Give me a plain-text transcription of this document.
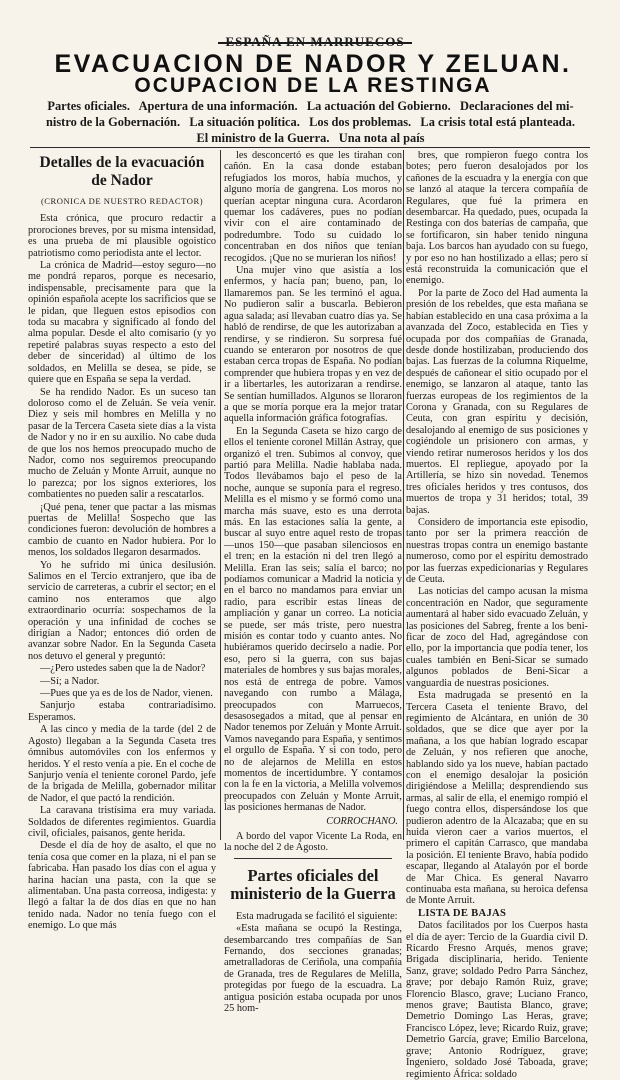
ESPAÑA EN MARRUECOS
EVACUACION DE NADOR Y ZELUAN.
OCUPACION DE LA RESTINGA
Partes oficiales.   Apertura de una información.   La actuación del Gobierno.   Declaraciones del mi-
nistro de la Gobernación.   La situación política.   Los dos problemas.   La crisis total está planteada.
El ministro de la Guerra.   Una nota al país
Detalles de la evacuación de Nador
(CRONICA DE NUESTRO REDACTOR)

Esta crónica, que procuro redactir a prorociones breves, por su misma intensidad, es una prueba de mi plausible ogoistico patriotismo como periodista ante el lector.

La crónica de Madrid—estoy seguro—no me pondrá reparos, porque es necesario, indispensable, precisamente para que la opinión española acepte los sacrificios que se le pidan, que lleguen estos episodios con toda su macabra y significado al fondo del alma popular. Desde el alto comisario (y yo repetiré palabras suyas respecto a esto del deber de sinceridad) al último de los soldados, en Melilla se desea, se pide, se quiere que en España se sepa la verdad.

Se ha rendido Nador. Es un suceso tan doloroso como el de Zeluán. Se veía venir. Diez y seis mil hombres en Melilla y no pasar de la Tercera Caseta siete días a la vista de Nador y no ir en su auxilio. No cabe duda de que los nos hemos preocupado mucho de Nador, como nos seguiremos preocupando mucho de Zeluán y Monte Arruit, aunque no lo parezca; por los signos exteriores, los combatientes no pueden salir a rescatarlos.

¡Qué pena, tener que pactar a las mismas puertas de Melilla! Sospecho que las condiciones fueron: devolución de hombres a cambio de cuanto en Nador hubiera. Por lo menos, los soldados llegaron desarmados.

Yo he sufrido mi única desilusión. Salimos en el Tercio extranjero, que iba de servicio de carreteras, a cubrir el sector; en el camino nos enteramos que algo extraordinario ocurría: sospechamos de la operación y una infinidad de coches se dirigían a Nador; entonces dió orden de avanzar sobre Nador. En la Segunda Caseta nos detuvo el general y preguntó:

—¿Pero ustedes saben que la de Nador?

—Sí; a Nador.

—Pues que ya es de los de Nador, vienen.

Sanjurjo estaba contrariadísimo. Esperamos.

A las cinco y media de la tarde (del 2 de Agosto) llegaban a la Segunda Caseta tres ómnibus automóviles con los enfermos y heridos. Y el resto venía a pie. En el coche de Sanjurjo venía el teniente coronel Pardo, jefe de la brigada de Melilla, gobernador militar de Nador, el que pactó la rendición.

La caravana tristísima era muy variada. Soldados de diferentes regimientos. Guardia civil, oficiales, paisanos, gente herida.

Desde el día de hoy de asalto, el que no tenía cosa que comer en la plaza, ni el pan se fabricaba. Han pasado los días con el agua y harina hacían una pasta, con la que se alimentaban. Una pasta correosa, indigesta: y llegó a faltar la de dos días en que no han tenido nada. Nador no tenía fuego con el enemigo. Lo que más

les desconcertó es que les tirahan con cañón. En la casa donde estaban refugiados los moros, había muchos, y alguno moría de gangrena. Los moros no querían aceptar ninguna cura. Acordaron quemar los cadáveres, pues no podían vivir con el aire contaminado de podredumbre. Todo su cuidado lo concentraban en dos niños que tenían recogidos. ¡Que no se murieran los niños!

Una mujer vino que asistía a los enfermos, y hacía pan; bueno, pan, lo llamaremos pan. Se les terminó el agua. No pudieron salir a buscarla. Bebieron agua salada; así llevaban cuatro días ya. Se habló de rendirse, de que les autorizaban a rendirse, y se rindieron. Su sorpresa fué cuando se enteraron por nosotros de que estaban cerca tropas de España. No podían comprender que hubiera tropas y en vez de ir a libertarles, les autorizaran a rendirse. Se sentían humillados. Algunos se lloraron a que se moría porque era la mejor tratar aquella información gráfica fotografías.

En la Segunda Caseta se hizo cargo de ellos el teniente coronel Millán Astray, que organizó el tren. Subimos al convoy, que partió para Melilla. Nadie hablaba nada. Todos llevábamos bajo el peso de la noche, aunque se suponía para el regreso. Melilla es el mismo y se formó como una marcha más suave, esto es una derrota más. En las estaciones salía la gente, a buscar al suyo entre aquel resto de tropas—unos 150—que pasaban silenciosos en el tren; en la estación ni del tren llegó a Melilla. Eran las seis; salía el barco; no podíamos comunicar a Madrid la noticia y en el barco no mandamos para enviar un radio, para escribir estas líneas de ampliación y ganar un correo. La noticia se puede, ser más triste, pero nuestra misión es contar todo y cuanto antes. No hubiéramos querido decirselo a nadie. Por eso, pero si la guerra, con sus bajas materiales de hombres y sus bajas morales, nos está de entrega de pobre. Vamos navegando con rumbo a Málaga, preocupados con Marruecos, desasosegados a mitad, que al pensar en Nador tenemos por Zeluán y Monte Arruit. Vamos navegando para España, y sentimos el orgullo de España. Y si con todo, pero no de alejarnos de Melilla en estos momentos de incertidumbre. Y contamos con la fe en la victoria, a Melilla volvemos preocupados con Zeluán y Monte Arruit, las posiciones hermanas de Nador.

CORROCHANO.

A bordo del vapor Vicente La Roda, en la noche del 2 de Agosto.

Partes oficiales del ministerio de la Guerra

Esta madrugada se facilitó el siguiente:

«Esta mañana se ocupó la Restinga, desembarcando tres compañías de San Fernando, dos secciones granadas; ametralladoras de Ceriñola, una compañía de Granada, tres de Regulares de Melilla, protegidas por fuego de la escuadra. La antigua posición estaba ocupada por unos 25 hom-

bres, que rompieron fuego contra los botes; pero fueron desalojados por los cañones de la escuadra y la energía con que se lanzó al ataque la tercera compañía de Regulares, que fué la primera en desembarcar. Ha quedado, pues, ocupada la Restinga con dos baterías de campaña, que se fortificaron, sin haber tenido ninguna baja. Los barcos han ayudado con su fuego, y por eso no han hostilizado a ellas; pero sí está reconstruida la comunicación que el enemigo.

Por la parte de Zoco del Had aumenta la presión de los rebeldes, que esta mañana se habían establecido en una casa próxima a la avanzada del Zoco, establecida en Ties y ocupada por dos compañías de Granada, desde donde hostilizaban, produciendo dos bajas. Las fuerzas de la columna Riquelme, después de cañonear el sitio ocupado por el enemigo, se lanzaron al ataque, tanto las fuerzas europeas de los regimientos de la Corona y Granada, con su Regulares de Ceuta, con gran espíritu y decisión, desalojando al enemigo de sus posiciones y cogiéndole un prisionero con armas, y viendo retirar numerosos heridos y los dos muertos. El repliegue, apoyado por la Artillería, se hizo sin novedad. Tenemos tres oficiales heridos y tres contusos, dos muertos de tropa y 31 heridos; total, 39 bajas.

Considero de importancia este episodio, tanto por ser la primera reacción de nuestras tropas contra un enemigo bastante numeroso, como por el espíritu demostrado por las fuerzas expedicionarias y Regulares de Ceuta.

Las noticias del campo acusan la misma concentración en Nador, que seguramente aumentará al haber sido evacuado Zeluán, y las posiciones del Sabreg, frente a los beni-ficar de zoco del Had, agregándose con ello, por la importancia que podía tener, los cuales también en Beni-Sicar se sumado algunos poblados de Beni-Sicar a vanguardia de nuestras posiciones.

Esta madrugada se presentó en la Tercera Caseta el teniente Bravo, del regimiento de Alcántara, en unión de 30 soldados, que se dice que ayer por la mañana, a los que habían logrado escapar de Zeluán, y nos refieren que anoche, hablando sido ya los nueve, habían pactado con el enemigo desalojar la posición dirigiéndose a Melilla; desprendiendo sus armas, al salir de ella, el enemigo rompió el fuego contra ellos, dispersándose los que pudieron adentro de la Alcazaba; que en su huida vieron caer a varios muertos, el primero el capitán Carrasco, que mandaba la posición. El teniente Bravo, había podido escapar, llegando al Atalayón por el borde de Mar Chica. Es general Navarro continuaba esta mañana, su heroica defensa de Monte Arruit.

LISTA DE BAJAS

Datos facilitados por los Cuerpos hasta el día de ayer: Tercio de la Guardia civil D. Ricardo Fresno Arqués, menos grave; Brigada disciplinaria, herido. Teniente Sanz, grave; soldado Pedro Parra Sánchez, grave; por debajo Ramón Ruiz, grave; Florencio Blasco, grave; Luciano Franco, menos grave; Bautista Blanco, grave; Demetrio Domingo Las Heras, grave; Francisco López, leve; Ricardo Ruiz, grave; Demetrio García, grave; Emilio Barcelona, grave; Antonio Rodríguez, grave; Ingeniero, soldado José Taboada, grave; regimiento África: soldado
